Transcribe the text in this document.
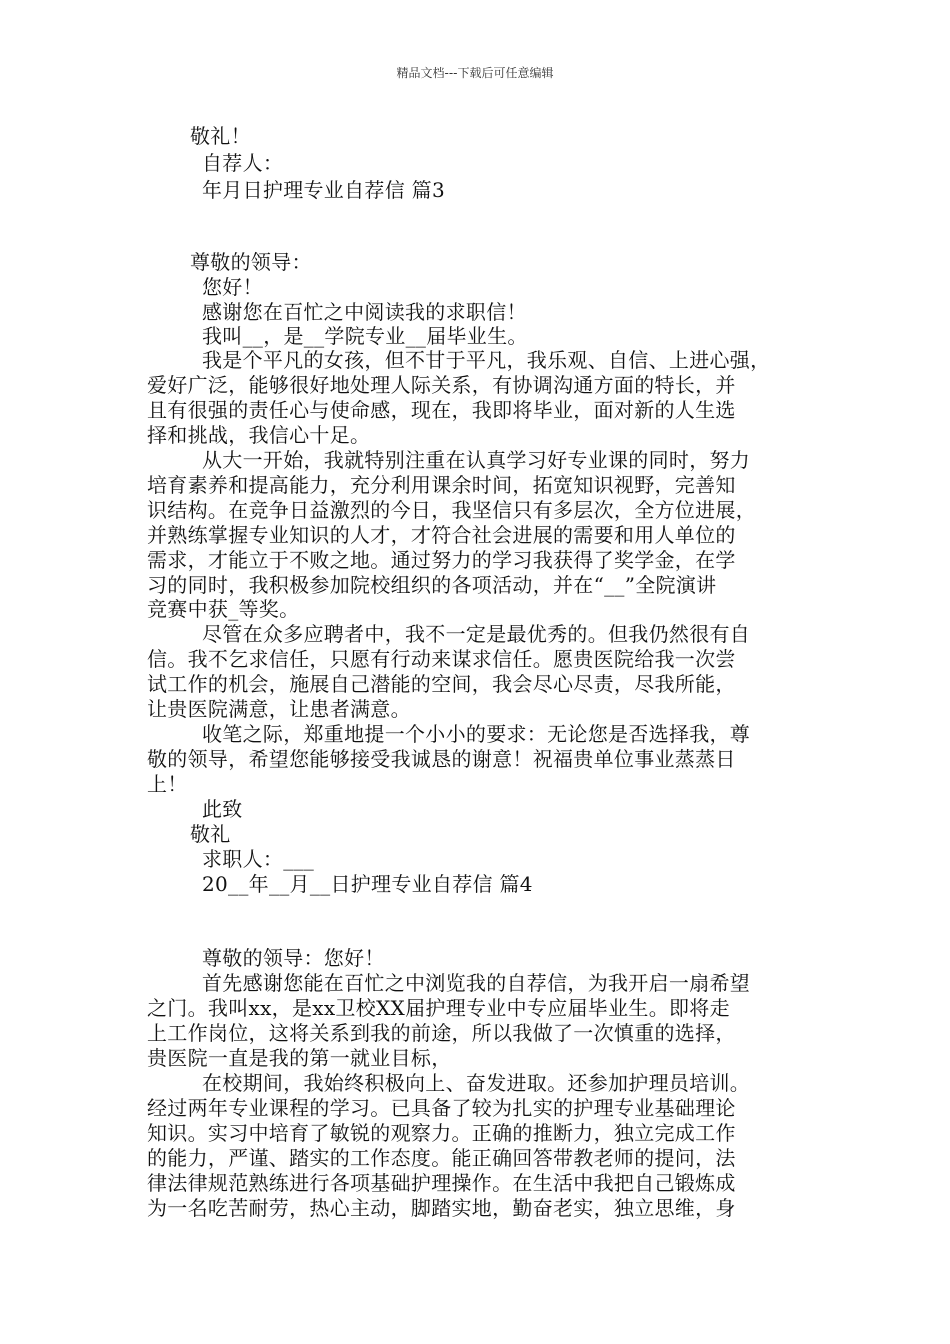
精品文档---下载后可任意编辑
敬礼！
自荐人：
年月日护理专业自荐信 篇3
尊敬的领导：
您好！
感谢您在百忙之中阅读我的求职信！
我叫__，是__学院专业__届毕业生。
我是个平凡的女孩，但不甘于平凡，我乐观、自信、上进心强，
爱好广泛，能够很好地处理人际关系，有协调沟通方面的特长，并
且有很强的责任心与使命感，现在，我即将毕业，面对新的人生选
择和挑战，我信心十足。
从大一开始，我就特别注重在认真学习好专业课的同时，努力
培育素养和提高能力，充分利用课余时间，拓宽知识视野，完善知
识结构。在竞争日益激烈的今日，我坚信只有多层次，全方位进展，
并熟练掌握专业知识的人才，才符合社会进展的需要和用人单位的
需求，才能立于不败之地。通过努力的学习我获得了奖学金，在学
习的同时，我积极参加院校组织的各项活动，并在“__”全院演讲
竞赛中获_等奖。
尽管在众多应聘者中，我不一定是最优秀的。但我仍然很有自
信。我不乞求信任，只愿有行动来谋求信任。愿贵医院给我一次尝
试工作的机会，施展自己潜能的空间，我会尽心尽责，尽我所能，
让贵医院满意，让患者满意。
收笔之际，郑重地提一个小小的要求：无论您是否选择我，尊
敬的领导，希望您能够接受我诚恳的谢意！祝福贵单位事业蒸蒸日
上！
此致
敬礼
求职人：___
20__年__月__日护理专业自荐信 篇4
尊敬的领导：您好！
首先感谢您能在百忙之中浏览我的自荐信，为我开启一扇希望
之门。我叫xx，是xx卫校XX届护理专业中专应届毕业生。即将走
上工作岗位，这将关系到我的前途，所以我做了一次慎重的选择，
贵医院一直是我的第一就业目标，
在校期间，我始终积极向上、奋发进取。还参加护理员培训。
经过两年专业课程的学习。已具备了较为扎实的护理专业基础理论
知识。实习中培育了敏锐的观察力。正确的推断力，独立完成工作
的能力，严谨、踏实的工作态度。能正确回答带教老师的提问，法
律法律规范熟练进行各项基础护理操作。在生活中我把自己锻炼成
为一名吃苦耐劳，热心主动，脚踏实地，勤奋老实，独立思维，身
